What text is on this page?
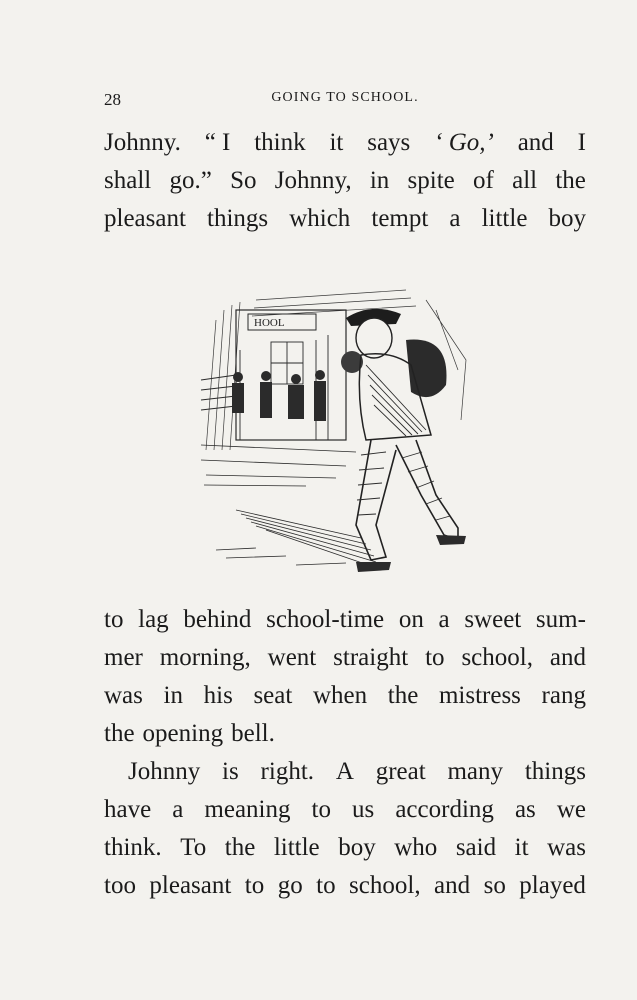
28	GOING TO SCHOOL.
Johnny. “ I think it says ‘ Go,’ and I
shall go.” So Johnny, in spite of all the
pleasant things which tempt a little boy
HOOL
to lag behind school-time on a sweet sum-
mer morning, went straight to school, and
was in his seat when the mistress rang
the opening bell.
Johnny is right. A great many things
have a meaning to us according as we
think. To the little boy who said it was
too pleasant to go to school, and so played
